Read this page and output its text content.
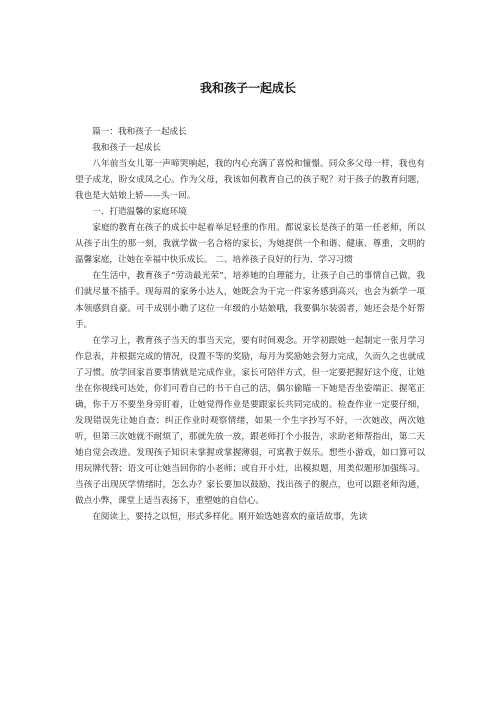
我和孩子一起成长

篇一：我和孩子一起成长

我和孩子一起成长

八年前当女儿第一声啼哭响起，我的内心充满了喜悦和憧憬。同众多父母一样，我也有望子成龙，盼女成凤之心。作为父母，我该如何教育自己的孩子呢？对于孩子的教育问题，我也是大姑娘上轿——头一回。

一、打造温馨的家庭环境

家庭的教育在孩子的成长中起着举足轻重的作用。都说家长是孩子的第一任老师，所以从孩子出生的那一刻，我就学做一名合格的家长，为她提供一个和谐、健康、尊重，文明的温馨家庭，让她在幸福中快乐成长。 二、培养孩子良好的行为、学习习惯

在生活中，教育孩子“劳动最光荣”，培养她的自理能力，让孩子自己的事情自己做，我们就尽量不插手。现每周的家务小达人，她既会为干完一件家务感到高兴，也会为新学一项本领感到自豪。可千成别小瞧了这位一年级的小姑娘哦，我要偶尔装弱者，她还会是个好帮手。

在学习上，教育孩子当天的事当天完，要有时间观念。开学初跟她一起制定一张月学习作息表，并根据完成的情况，设置不等的奖励，每月为奖励她会努力完成，久而久之也就成了习惯。放学回家首要事情就是完成作业，家长可陪伴方式，但一定要把握好这个度，让她坐在你视线可达处，你们可看自己的书干自己的活，偶尔偷瞄一下她是否坐姿端正、握笔正确，你千万不要坐身旁盯着，让她觉得作业是要跟家长共同完成的。检查作业一定要仔细，发现错误先让她自查；纠正作业时观察情绪，如果一个生字抄写不好，一次她改，两次她听，但第三次她就不耐烦了，那就先放一放，跟老师打个小报告，求助老师帮指出，第二天她自觉会改进。发现孩子知识未掌握或掌握薄弱，可寓教于娱乐。想些小游戏，如口算可以用玩牌代替；语文可让她当回你的小老师；或自开小灶，出模拟题，用类似题形加强练习。当孩子出现厌学情绪时，怎么办？家长要加以鼓励，找出孩子的舰点，也可以跟老师沟通，做点小弊，课堂上适当表扬下，重塑她的自信心。

在阅读上，要持之以恒，形式多样化。刚开始选她喜欢的童话故事，先读
